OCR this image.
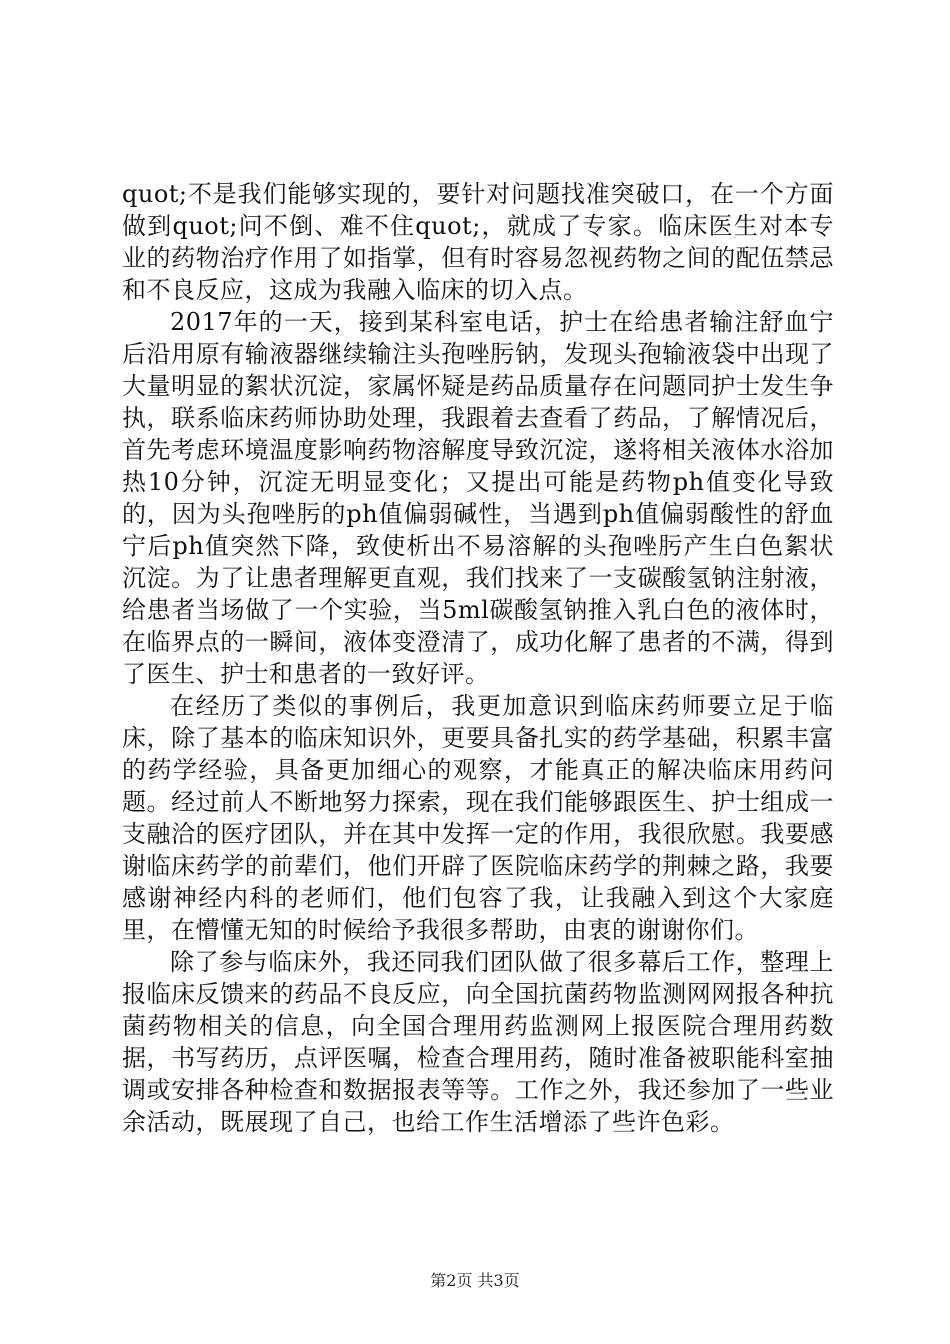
quot;不是我们能够实现的，要针对问题找准突破口，在一个方面做到quot;问不倒、难不住quot;，就成了专家。临床医生对本专业的药物治疗作用了如指掌，但有时容易忽视药物之间的配伍禁忌和不良反应，这成为我融入临床的切入点。

2017年的一天，接到某科室电话，护士在给患者输注舒血宁后沿用原有输液器继续输注头孢唑肟钠，发现头孢输液袋中出现了大量明显的絮状沉淀，家属怀疑是药品质量存在问题同护士发生争执，联系临床药师协助处理，我跟着去查看了药品，了解情况后，首先考虑环境温度影响药物溶解度导致沉淀，遂将相关液体水浴加热10分钟，沉淀无明显变化；又提出可能是药物ph值变化导致的，因为头孢唑肟的ph值偏弱碱性，当遇到ph值偏弱酸性的舒血宁后ph值突然下降，致使析出不易溶解的头孢唑肟产生白色絮状沉淀。为了让患者理解更直观，我们找来了一支碳酸氢钠注射液，给患者当场做了一个实验，当5ml碳酸氢钠推入乳白色的液体时，在临界点的一瞬间，液体变澄清了，成功化解了患者的不满，得到了医生、护士和患者的一致好评。

在经历了类似的事例后，我更加意识到临床药师要立足于临床，除了基本的临床知识外，更要具备扎实的药学基础，积累丰富的药学经验，具备更加细心的观察，才能真正的解决临床用药问题。经过前人不断地努力探索，现在我们能够跟医生、护士组成一支融洽的医疗团队，并在其中发挥一定的作用，我很欣慰。我要感谢临床药学的前辈们，他们开辟了医院临床药学的荆棘之路，我要感谢神经内科的老师们，他们包容了我，让我融入到这个大家庭里，在懵懂无知的时候给予我很多帮助，由衷的谢谢你们。

除了参与临床外，我还同我们团队做了很多幕后工作，整理上报临床反馈来的药品不良反应，向全国抗菌药物监测网网报各种抗菌药物相关的信息，向全国合理用药监测网上报医院合理用药数据，书写药历，点评医嘱，检查合理用药，随时准备被职能科室抽调或安排各种检查和数据报表等等。工作之外，我还参加了一些业余活动，既展现了自己，也给工作生活增添了些许色彩。

第2页 共3页
